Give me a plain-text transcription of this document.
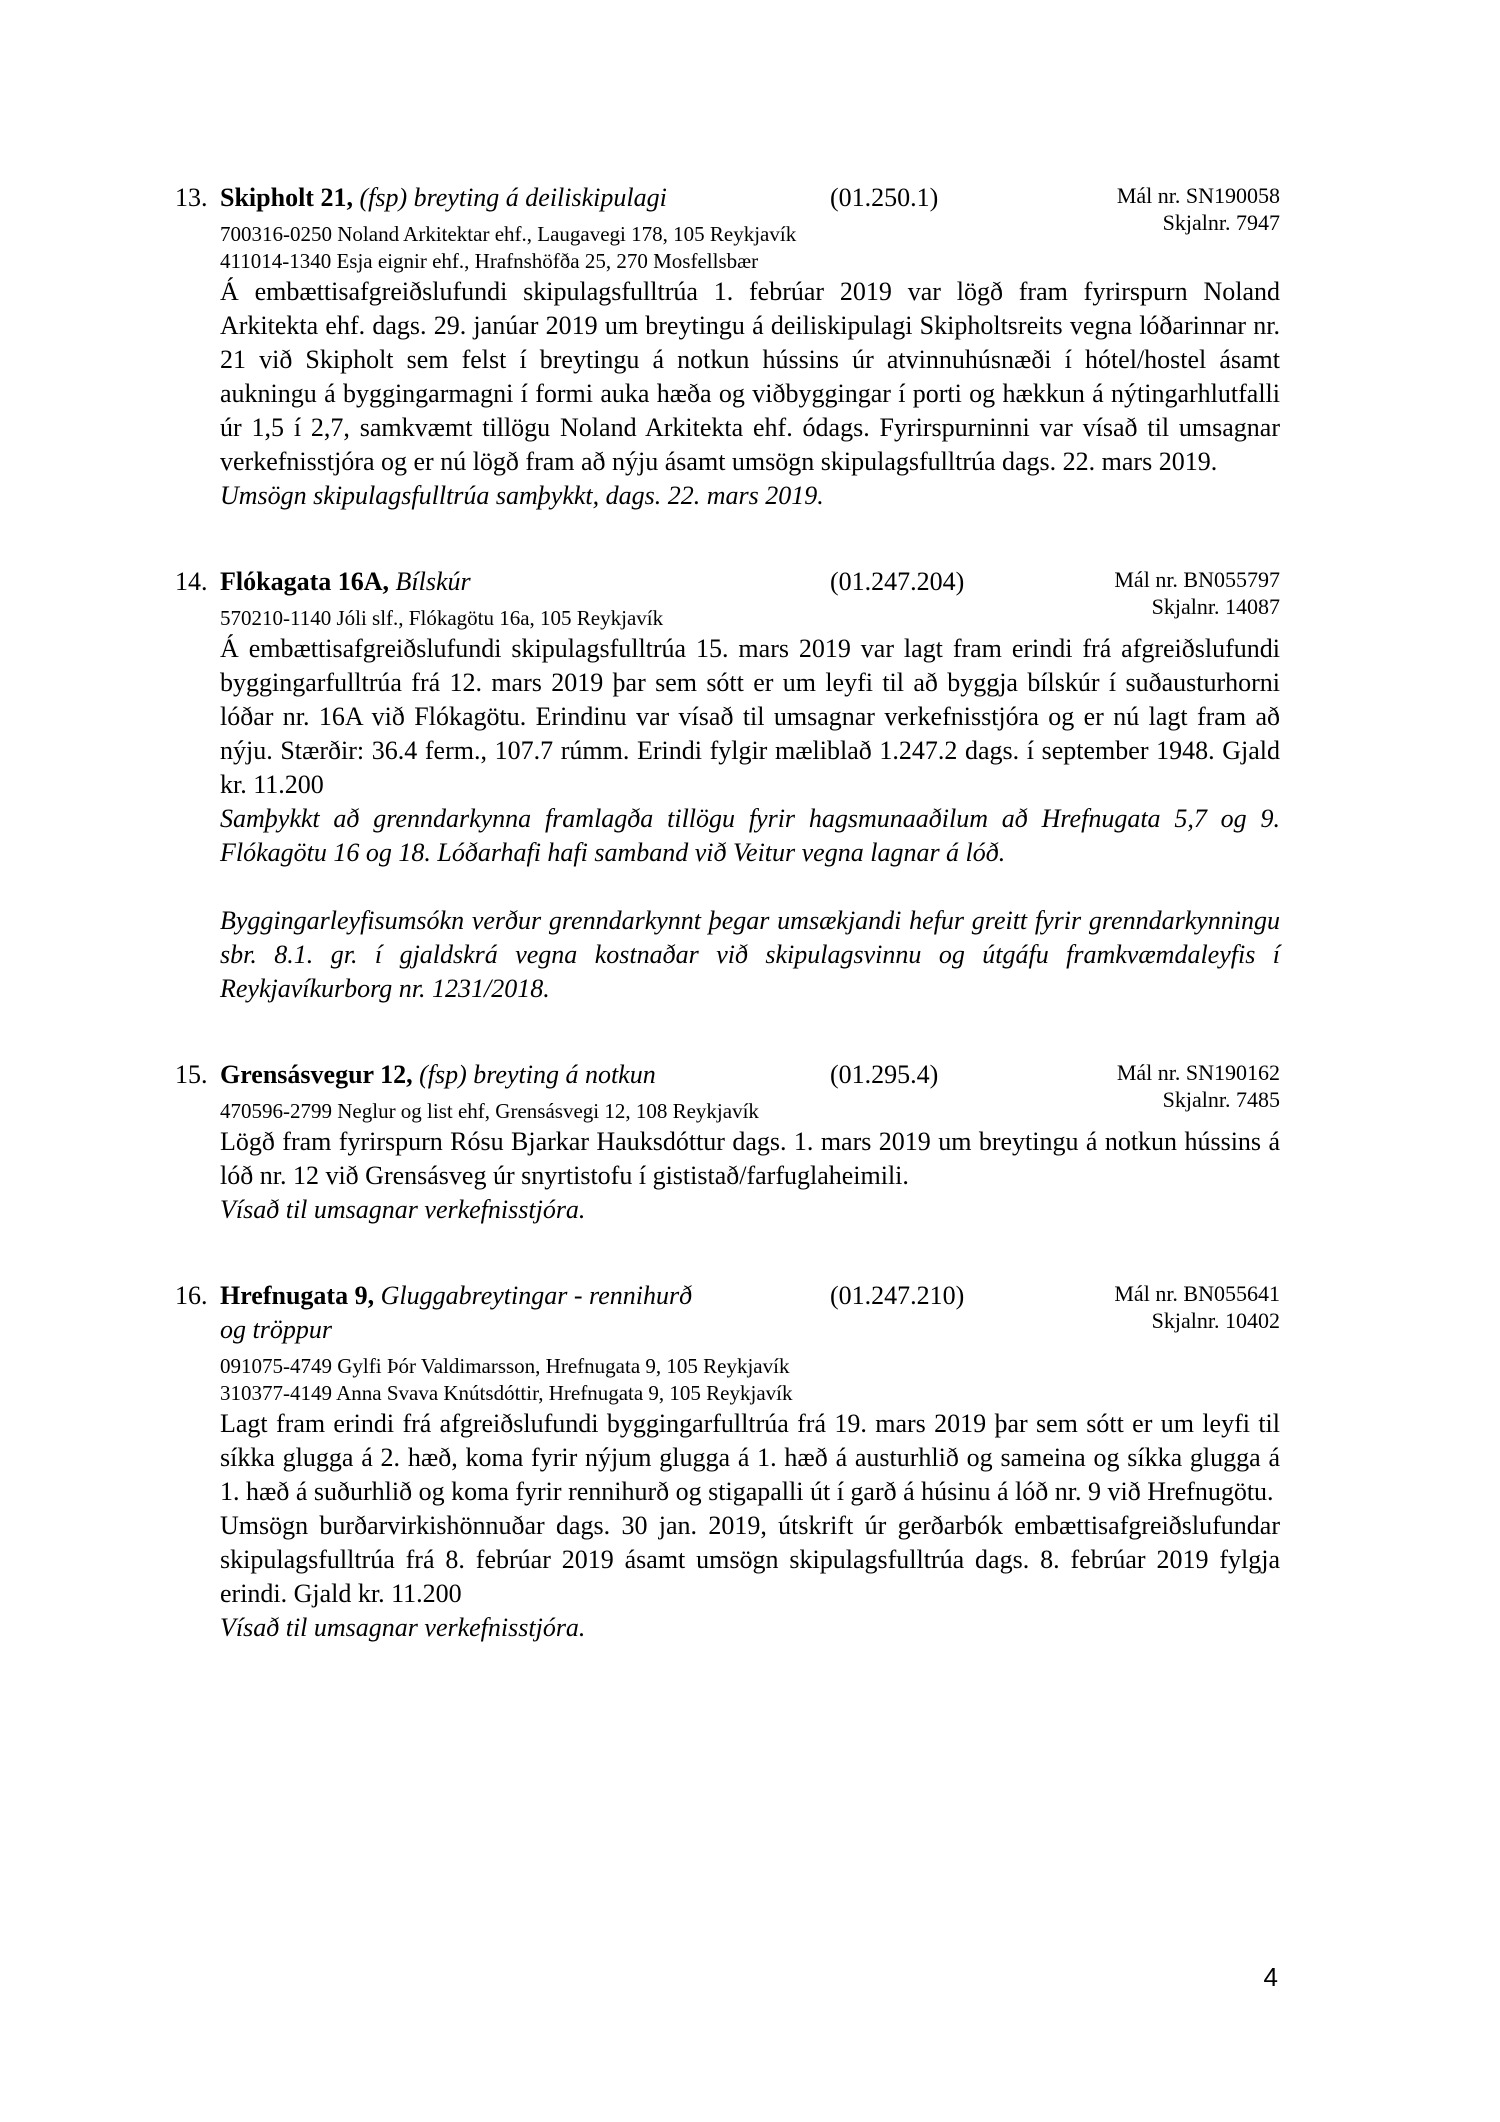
13. Skipholt 21, (fsp) breyting á deiliskipulagi	(01.250.1)	Mál nr. SN190058
Skjalnr. 7947
700316-0250 Noland Arkitektar ehf., Laugavegi 178, 105 Reykjavík
411014-1340 Esja eignir ehf., Hrafnshöfða 25, 270 Mosfellsbær

Á embættisafgreiðslufundi skipulagsfulltrúa 1. febrúar 2019 var lögð fram fyrirspurn Noland Arkitekta ehf. dags. 29. janúar 2019 um breytingu á deiliskipulagi Skipholtsreits vegna lóðarinnar nr. 21 við Skipholt sem felst í breytingu á notkun hússins úr atvinnuhúsnæði í hótel/hostel ásamt aukningu á byggingarmagni í formi auka hæða og viðbyggingar í porti og hækkun á nýtingarhlutfalli úr 1,5 í 2,7, samkvæmt tillögu Noland Arkitekta ehf. ódags. Fyrirspurninni var vísað til umsagnar verkefnisstjóra og er nú lögð fram að nýju ásamt umsögn skipulagsfulltrúa dags. 22. mars 2019.

Umsögn skipulagsfulltrúa samþykkt, dags. 22. mars 2019.

14. Flókagata 16A, Bílskúr	(01.247.204)	Mál nr. BN055797
Skjalnr. 14087
570210-1140 Jóli slf., Flókagötu 16a, 105 Reykjavík

Á embættisafgreiðslufundi skipulagsfulltrúa 15. mars 2019 var lagt fram erindi frá afgreiðslufundi byggingarfulltrúa frá 12. mars 2019 þar sem sótt er um leyfi til að byggja bílskúr í suðausturhorni lóðar nr. 16A við Flókagötu. Erindinu var vísað til umsagnar verkefnisstjóra og er nú lagt fram að nýju. Stærðir: 36.4 ferm., 107.7 rúmm. Erindi fylgir mæliblað 1.247.2 dags. í september 1948. Gjald kr. 11.200

Samþykkt að grenndarkynna framlagða tillögu fyrir hagsmunaaðilum að Hrefnugata 5,7 og 9. Flókagötu 16 og 18. Lóðarhafi hafi samband við Veitur vegna lagnar á lóð.

Byggingarleyfisumsókn verður grenndarkynnt þegar umsækjandi hefur greitt fyrir grenndarkynningu sbr. 8.1. gr. í gjaldskrá vegna kostnaðar við skipulagsvinnu og útgáfu framkvæmdaleyfis í Reykjavíkurborg nr. 1231/2018.

15. Grensásvegur 12, (fsp) breyting á notkun	(01.295.4)	Mál nr. SN190162
Skjalnr. 7485
470596-2799 Neglur og list ehf, Grensásvegi 12, 108 Reykjavík

Lögð fram fyrirspurn Rósu Bjarkar Hauksdóttur dags. 1. mars 2019 um breytingu á notkun hússins á lóð nr. 12 við Grensásveg úr snyrtistofu í gististað/farfuglaheimili.

Vísað til umsagnar verkefnisstjóra.

16. Hrefnugata 9, Gluggabreytingar - rennihurð	(01.247.210)
og tröppur
Mál nr. BN055641
Skjalnr. 10402
091075-4749 Gylfi Þór Valdimarsson, Hrefnugata 9, 105 Reykjavík
310377-4149 Anna Svava Knútsdóttir, Hrefnugata 9, 105 Reykjavík

Lagt fram erindi frá afgreiðslufundi byggingarfulltrúa frá 19. mars 2019 þar sem sótt er um leyfi til síkka glugga á 2. hæð, koma fyrir nýjum glugga á 1. hæð á austurhlið og sameina og síkka glugga á 1. hæð á suðurhlið og koma fyrir rennihurð og stigapalli út í garð á húsinu á lóð nr. 9 við Hrefnugötu.

Umsögn burðarvirkishönnuðar dags. 30 jan. 2019, útskrift úr gerðarbók embættisafgreiðslufundar skipulagsfulltrúa frá 8. febrúar 2019 ásamt umsögn skipulagsfulltrúa dags. 8. febrúar 2019 fylgja erindi. Gjald kr. 11.200

Vísað til umsagnar verkefnisstjóra.

4
